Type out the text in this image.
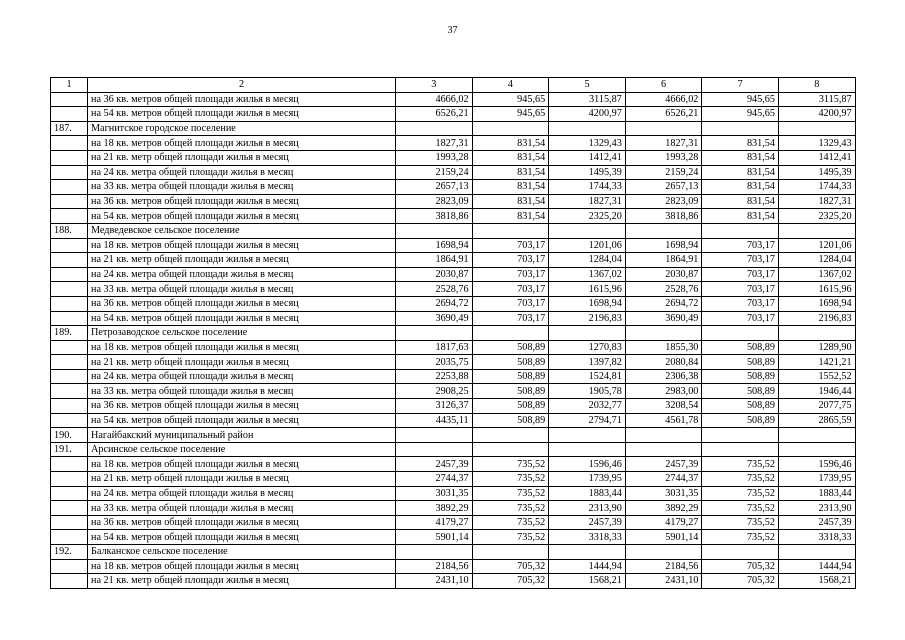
37
1	2	3	4	5	6	7	8
	на 36 кв. метров общей площади жилья в месяц	4666,02	945,65	3115,87	4666,02	945,65	3115,87
	на 54 кв. метров общей площади жилья в месяц	6526,21	945,65	4200,97	6526,21	945,65	4200,97
187.	Магнитское городское поселение						
	на 18 кв. метров общей площади жилья в месяц	1827,31	831,54	1329,43	1827,31	831,54	1329,43
	на 21 кв. метр общей площади жилья в месяц	1993,28	831,54	1412,41	1993,28	831,54	1412,41
	на 24 кв. метра общей площади жилья в месяц	2159,24	831,54	1495,39	2159,24	831,54	1495,39
	на 33 кв. метра общей площади жилья в месяц	2657,13	831,54	1744,33	2657,13	831,54	1744,33
	на 36 кв. метров общей площади жилья в месяц	2823,09	831,54	1827,31	2823,09	831,54	1827,31
	на 54 кв. метров общей площади жилья в месяц	3818,86	831,54	2325,20	3818,86	831,54	2325,20
188.	Медведевское сельское поселение						
	на 18 кв. метров общей площади жилья в месяц	1698,94	703,17	1201,06	1698,94	703,17	1201,06
	на 21 кв. метр общей площади жилья в месяц	1864,91	703,17	1284,04	1864,91	703,17	1284,04
	на 24 кв. метра общей площади жилья в месяц	2030,87	703,17	1367,02	2030,87	703,17	1367,02
	на 33 кв. метра общей площади жилья в месяц	2528,76	703,17	1615,96	2528,76	703,17	1615,96
	на 36 кв. метров общей площади жилья в месяц	2694,72	703,17	1698,94	2694,72	703,17	1698,94
	на 54 кв. метров общей площади жилья в месяц	3690,49	703,17	2196,83	3690,49	703,17	2196,83
189.	Петрозаводское сельское поселение						
	на 18 кв. метров общей площади жилья в месяц	1817,63	508,89	1270,83	1855,30	508,89	1289,90
	на 21 кв. метр общей площади жилья в месяц	2035,75	508,89	1397,82	2080,84	508,89	1421,21
	на 24 кв. метра общей площади жилья в месяц	2253,88	508,89	1524,81	2306,38	508,89	1552,52
	на 33 кв. метра общей площади жилья в месяц	2908,25	508,89	1905,78	2983,00	508,89	1946,44
	на 36 кв. метров общей площади жилья в месяц	3126,37	508,89	2032,77	3208,54	508,89	2077,75
	на 54 кв. метров общей площади жилья в месяц	4435,11	508,89	2794,71	4561,78	508,89	2865,59
190.	Нагайбакский муниципальный район						
191.	Арсинское сельское поселение						
	на 18 кв. метров общей площади жилья в месяц	2457,39	735,52	1596,46	2457,39	735,52	1596,46
	на 21 кв. метр общей площади жилья в месяц	2744,37	735,52	1739,95	2744,37	735,52	1739,95
	на 24 кв. метра общей площади жилья в месяц	3031,35	735,52	1883,44	3031,35	735,52	1883,44
	на 33 кв. метра общей площади жилья в месяц	3892,29	735,52	2313,90	3892,29	735,52	2313,90
	на 36 кв. метров общей площади жилья в месяц	4179,27	735,52	2457,39	4179,27	735,52	2457,39
	на 54 кв. метров общей площади жилья в месяц	5901,14	735,52	3318,33	5901,14	735,52	3318,33
192.	Балканское сельское поселение						
	на 18 кв. метров общей площади жилья в месяц	2184,56	705,32	1444,94	2184,56	705,32	1444,94
	на 21 кв. метр общей площади жилья в месяц	2431,10	705,32	1568,21	2431,10	705,32	1568,21
